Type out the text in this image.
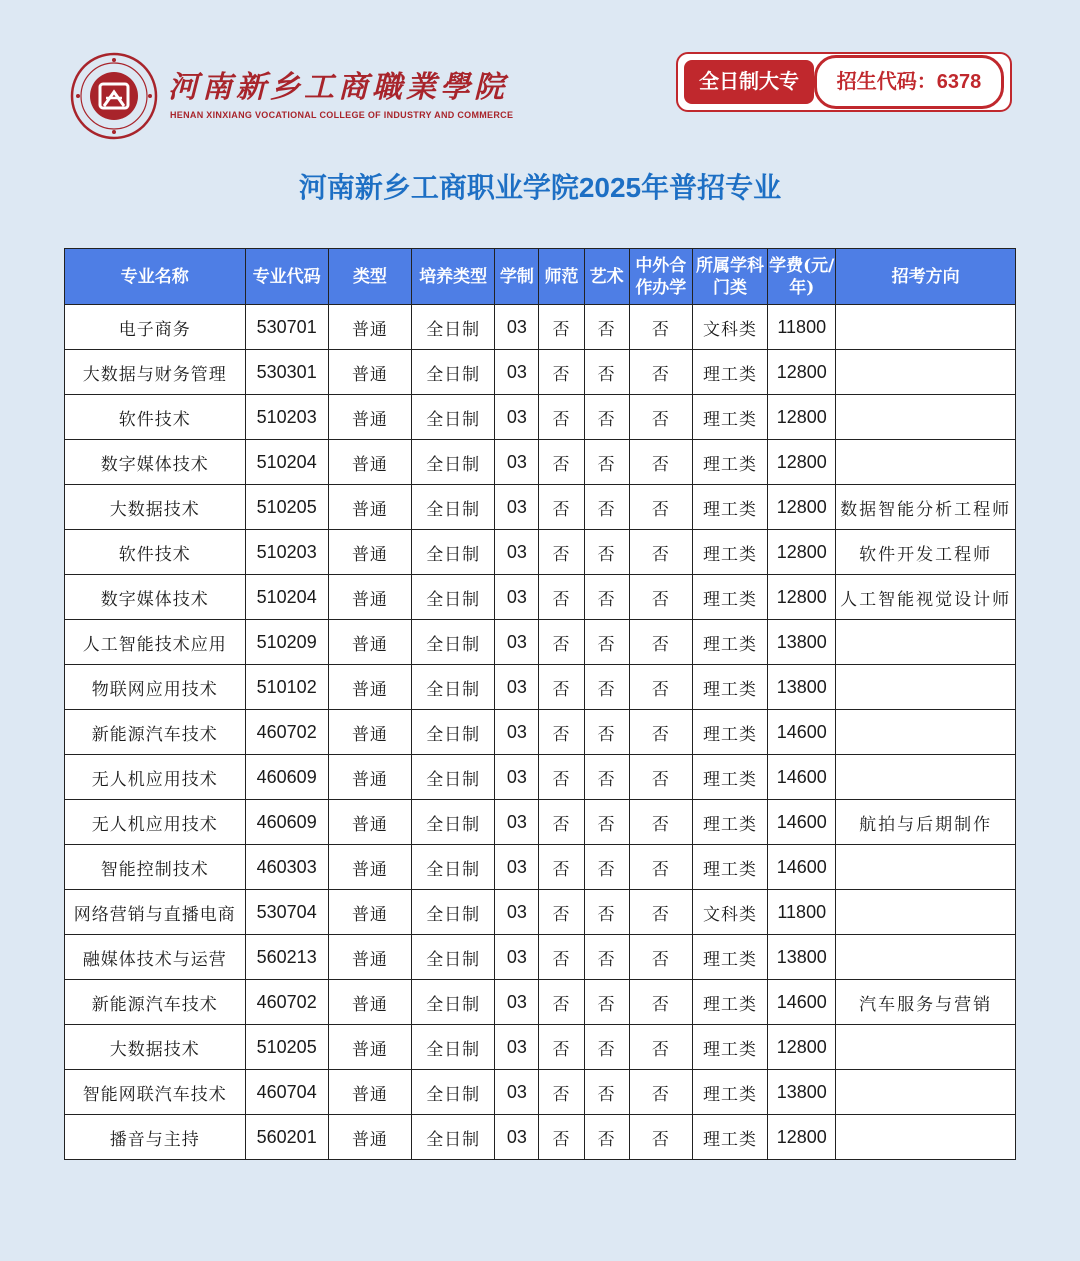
河南新乡工商職業學院
HENAN XINXIANG VOCATIONAL COLLEGE OF INDUSTRY AND COMMERCE
全日制大专	招生代码：6378
河南新乡工商职业学院2025年普招专业
专业名称	专业代码	类型	培养类型	学制	师范	艺术	中外合作办学	所属学科门类	学费(元/年)	招考方向
电子商务	530701	普通	全日制	03	否	否	否	文科类	11800	
大数据与财务管理	530301	普通	全日制	03	否	否	否	理工类	12800	
软件技术	510203	普通	全日制	03	否	否	否	理工类	12800	
数字媒体技术	510204	普通	全日制	03	否	否	否	理工类	12800	
大数据技术	510205	普通	全日制	03	否	否	否	理工类	12800	数据智能分析工程师
软件技术	510203	普通	全日制	03	否	否	否	理工类	12800	软件开发工程师
数字媒体技术	510204	普通	全日制	03	否	否	否	理工类	12800	人工智能视觉设计师
人工智能技术应用	510209	普通	全日制	03	否	否	否	理工类	13800	
物联网应用技术	510102	普通	全日制	03	否	否	否	理工类	13800	
新能源汽车技术	460702	普通	全日制	03	否	否	否	理工类	14600	
无人机应用技术	460609	普通	全日制	03	否	否	否	理工类	14600	
无人机应用技术	460609	普通	全日制	03	否	否	否	理工类	14600	航拍与后期制作
智能控制技术	460303	普通	全日制	03	否	否	否	理工类	14600	
网络营销与直播电商	530704	普通	全日制	03	否	否	否	文科类	11800	
融媒体技术与运营	560213	普通	全日制	03	否	否	否	理工类	13800	
新能源汽车技术	460702	普通	全日制	03	否	否	否	理工类	14600	汽车服务与营销
大数据技术	510205	普通	全日制	03	否	否	否	理工类	12800	
智能网联汽车技术	460704	普通	全日制	03	否	否	否	理工类	13800	
播音与主持	560201	普通	全日制	03	否	否	否	理工类	12800	
